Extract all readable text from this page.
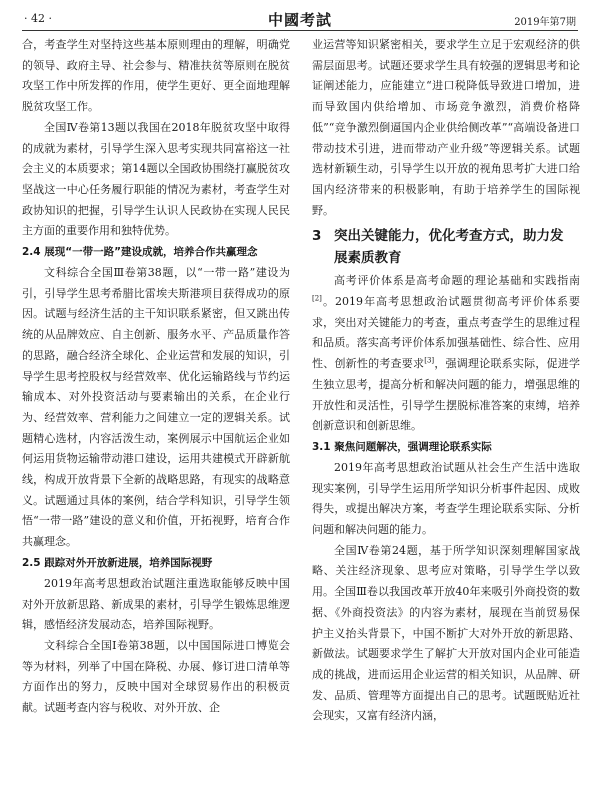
· 42 ·	中國考試	2019年第7期

合，考查学生对坚持这些基本原则理由的理解，明确党的领导、政府主导、社会参与、精准扶贫等原则在脱贫攻坚工作中所发挥的作用，使学生更好、更全面地理解脱贫攻坚工作。

全国Ⅳ卷第13题以我国在2018年脱贫攻坚中取得的成就为素材，引导学生深入思考实现共同富裕这一社会主义的本质要求；第14题以全国政协围绕打赢脱贫攻坚战这一中心任务履行职能的情况为素材，考查学生对政协知识的把握，引导学生认识人民政协在实现人民民主方面的重要作用和独特优势。

2.4 展现“一带一路”建设成就，培养合作共赢理念

文科综合全国Ⅲ卷第38题，以“一带一路”建设为引，引导学生思考希腊比雷埃夫斯港项目获得成功的原因。试题与经济生活的主干知识联系紧密，但又跳出传统的从品牌效应、自主创新、服务水平、产品质量作答的思路，融合经济全球化、企业运营和发展的知识，引导学生思考控股权与经营效率、优化运输路线与节约运输成本、对外投资活动与要素输出的关系，在企业行为、经营效率、营利能力之间建立一定的逻辑关系。试题精心选材，内容活泼生动，案例展示中国航运企业如何运用货物运输带动港口建设，运用共建模式开辟新航线，构成开放背景下全新的战略思路，有现实的战略意义。试题通过具体的案例，结合学科知识，引导学生领悟“一带一路”建设的意义和价值，开拓视野，培育合作共赢理念。

2.5 跟踪对外开放新进展，培养国际视野

2019年高考思想政治试题注重选取能够反映中国对外开放新思路、新成果的素材，引导学生锻炼思维逻辑，感悟经济发展动态，培养国际视野。

文科综合全国Ⅰ卷第38题，以中国国际进口博览会等为材料，列举了中国在降税、办展、修订进口清单等方面作出的努力，反映中国对全球贸易作出的积极贡献。试题考查内容与税收、对外开放、企

业运营等知识紧密相关，要求学生立足于宏观经济的供需层面思考。试题还要求学生具有较强的逻辑思考和论证阐述能力，应能建立“进口税降低导致进口增加，进而导致国内供给增加、市场竞争激烈，消费价格降低”“竞争激烈倒逼国内企业供给侧改革”“高端设备进口带动技术引进，进而带动产业升级”等逻辑关系。试题选材新颖生动，引导学生以开放的视角思考扩大进口给国内经济带来的积极影响，有助于培养学生的国际视野。

3 突出关键能力，优化考查方式，助力发
展素质教育

高考评价体系是高考命题的理论基础和实践指南[2]。2019年高考思想政治试题贯彻高考评价体系要求，突出对关键能力的考查，重点考查学生的思维过程和品质。落实高考评价体系加强基础性、综合性、应用性、创新性的考查要求[3]，强调理论联系实际，促进学生独立思考，提高分析和解决问题的能力，增强思维的开放性和灵活性，引导学生摆脱标准答案的束缚，培养创新意识和创新思维。

3.1 聚焦问题解决，强调理论联系实际

2019年高考思想政治试题从社会生产生活中选取现实案例，引导学生运用所学知识分析事件起因、成败得失，或提出解决方案，考查学生理论联系实际、分析问题和解决问题的能力。

全国Ⅳ卷第24题，基于所学知识深刻理解国家战略、关注经济现象、思考应对策略，引导学生学以致用。全国Ⅲ卷以我国改革开放40年来吸引外商投资的数据、《外商投资法》的内容为素材，展现在当前贸易保护主义抬头背景下，中国不断扩大对外开放的新思路、新做法。试题要求学生了解扩大开放对国内企业可能造成的挑战，进而运用企业运营的相关知识，从品牌、研发、品质、管理等方面提出自己的思考。试题既贴近社会现实，又富有经济内涵，
